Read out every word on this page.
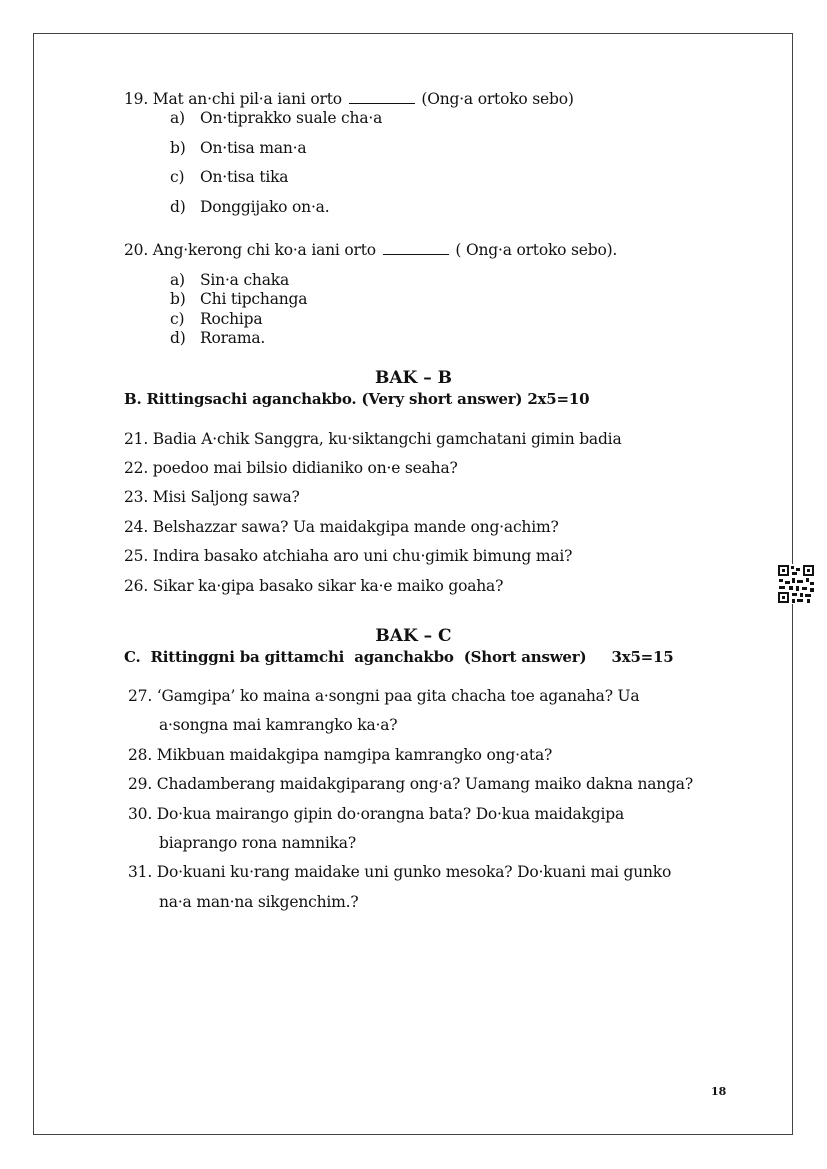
19. Mat an·chi pil·a iani orto	(Ong·a ortoko sebo)
a) On·tiprakko suale cha·a
b) On·tisa man·a
c) On·tisa tika
d) Donggijako on·a.
20. Ang·kerong chi ko·a iani orto	( Ong·a ortoko sebo).
a) Sin·a chaka
b) Chi tipchanga
c) Rochipa
d) Rorama.
BAK – B
B. Rittingsachi aganchakbo. (Very short answer) 2x5=10
21. Badia A·chik Sanggra, ku·siktangchi gamchatani gimin badia
22. poedoo mai bilsio didianiko on·e seaha?
23. Misi Saljong sawa?
24. Belshazzar sawa? Ua maidakgipa mande ong·achim?
25. Indira basako atchiaha aro uni chu·gimik bimung mai?
26. Sikar ka·gipa basako sikar ka·e maiko goaha?
BAK – C
C.  Rittinggni ba gittamchi  aganchakbo  (Short answer)     3x5=15
27. ‘Gamgipa’ ko maina a·songni paa gita chacha toe aganaha? Ua
a·songna mai kamrangko ka·a?
28. Mikbuan maidakgipa namgipa kamrangko ong·ata?
29. Chadamberang maidakgiparang ong·a? Uamang maiko dakna nanga?
30. Do·kua mairango gipin do·orangna bata? Do·kua maidakgipa
biaprango rona namnika?
31. Do·kuani ku·rang maidake uni gunko mesoka? Do·kuani mai gunko
na·a man·na sikgenchim.?
18
